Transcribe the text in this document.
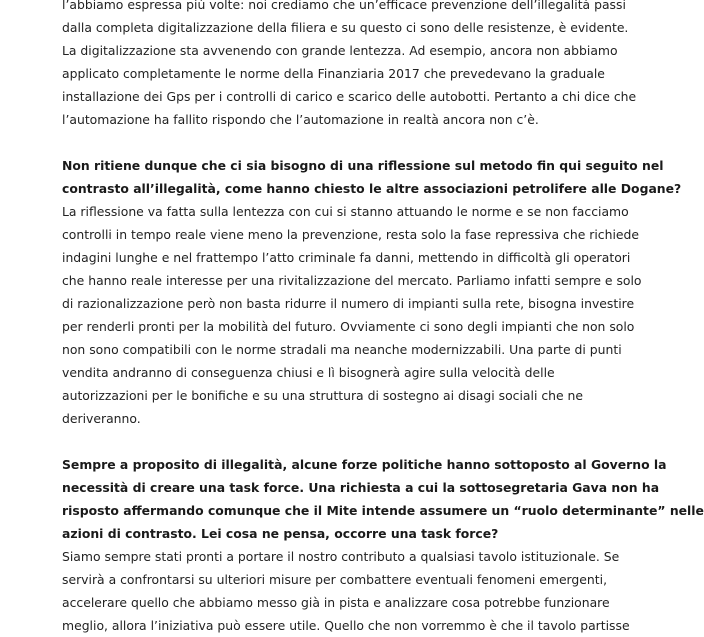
l’abbiamo espressa più volte: noi crediamo che un’efficace prevenzione dell’illegalità passi
dalla completa digitalizzazione della filiera e su questo ci sono delle resistenze, è evidente.
La digitalizzazione sta avvenendo con grande lentezza. Ad esempio, ancora non abbiamo
applicato completamente le norme della Finanziaria 2017 che prevedevano la graduale
installazione dei Gps per i controlli di carico e scarico delle autobotti. Pertanto a chi dice che
l’automazione ha fallito rispondo che l’automazione in realtà ancora non c’è.

Non ritiene dunque che ci sia bisogno di una riflessione sul metodo fin qui seguito nel
contrasto all’illegalità, come hanno chiesto le altre associazioni petrolifere alle Dogane?

La riflessione va fatta sulla lentezza con cui si stanno attuando le norme e se non facciamo
controlli in tempo reale viene meno la prevenzione, resta solo la fase repressiva che richiede
indagini lunghe e nel frattempo l’atto criminale fa danni, mettendo in difficoltà gli operatori
che hanno reale interesse per una rivitalizzazione del mercato. Parliamo infatti sempre e solo
di razionalizzazione però non basta ridurre il numero di impianti sulla rete, bisogna investire
per renderli pronti per la mobilità del futuro. Ovviamente ci sono degli impianti che non solo
non sono compatibili con le norme stradali ma neanche modernizzabili. Una parte di punti
vendita andranno di conseguenza chiusi e lì bisognerà agire sulla velocità delle
autorizzazioni per le bonifiche e su una struttura di sostegno ai disagi sociali che ne
deriveranno.

Sempre a proposito di illegalità, alcune forze politiche hanno sottoposto al Governo la
necessità di creare una task force. Una richiesta a cui la sottosegretaria Gava non ha
risposto affermando comunque che il Mite intende assumere un “ruolo determinante” nelle
azioni di contrasto. Lei cosa ne pensa, occorre una task force?

Siamo sempre stati pronti a portare il nostro contributo a qualsiasi tavolo istituzionale. Se
servirà a confrontarsi su ulteriori misure per combattere eventuali fenomeni emergenti,
accelerare quello che abbiamo messo già in pista e analizzare cosa potrebbe funzionare
meglio, allora l’iniziativa può essere utile. Quello che non vorremmo è che il tavolo partisse
